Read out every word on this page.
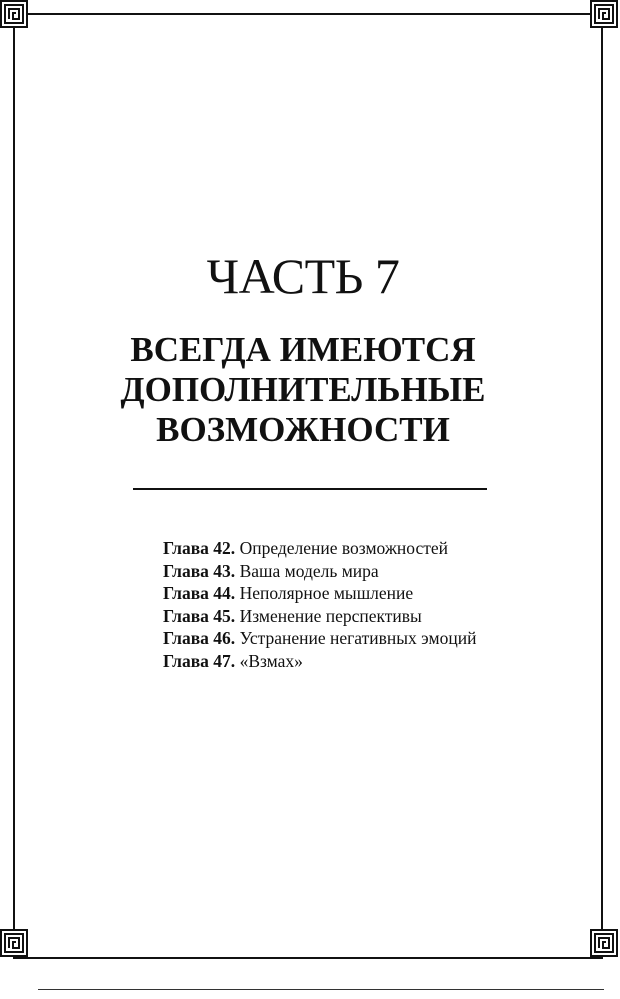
ЧАСТЬ 7
ВСЕГДА ИМЕЮТСЯ
ДОПОЛНИТЕЛЬНЫЕ
ВОЗМОЖНОСТИ
Глава 42. Определение возможностей
Глава 43. Ваша модель мира
Глава 44. Неполярное мышление
Глава 45. Изменение перспективы
Глава 46. Устранение негативных эмоций
Глава 47. «Взмах»
